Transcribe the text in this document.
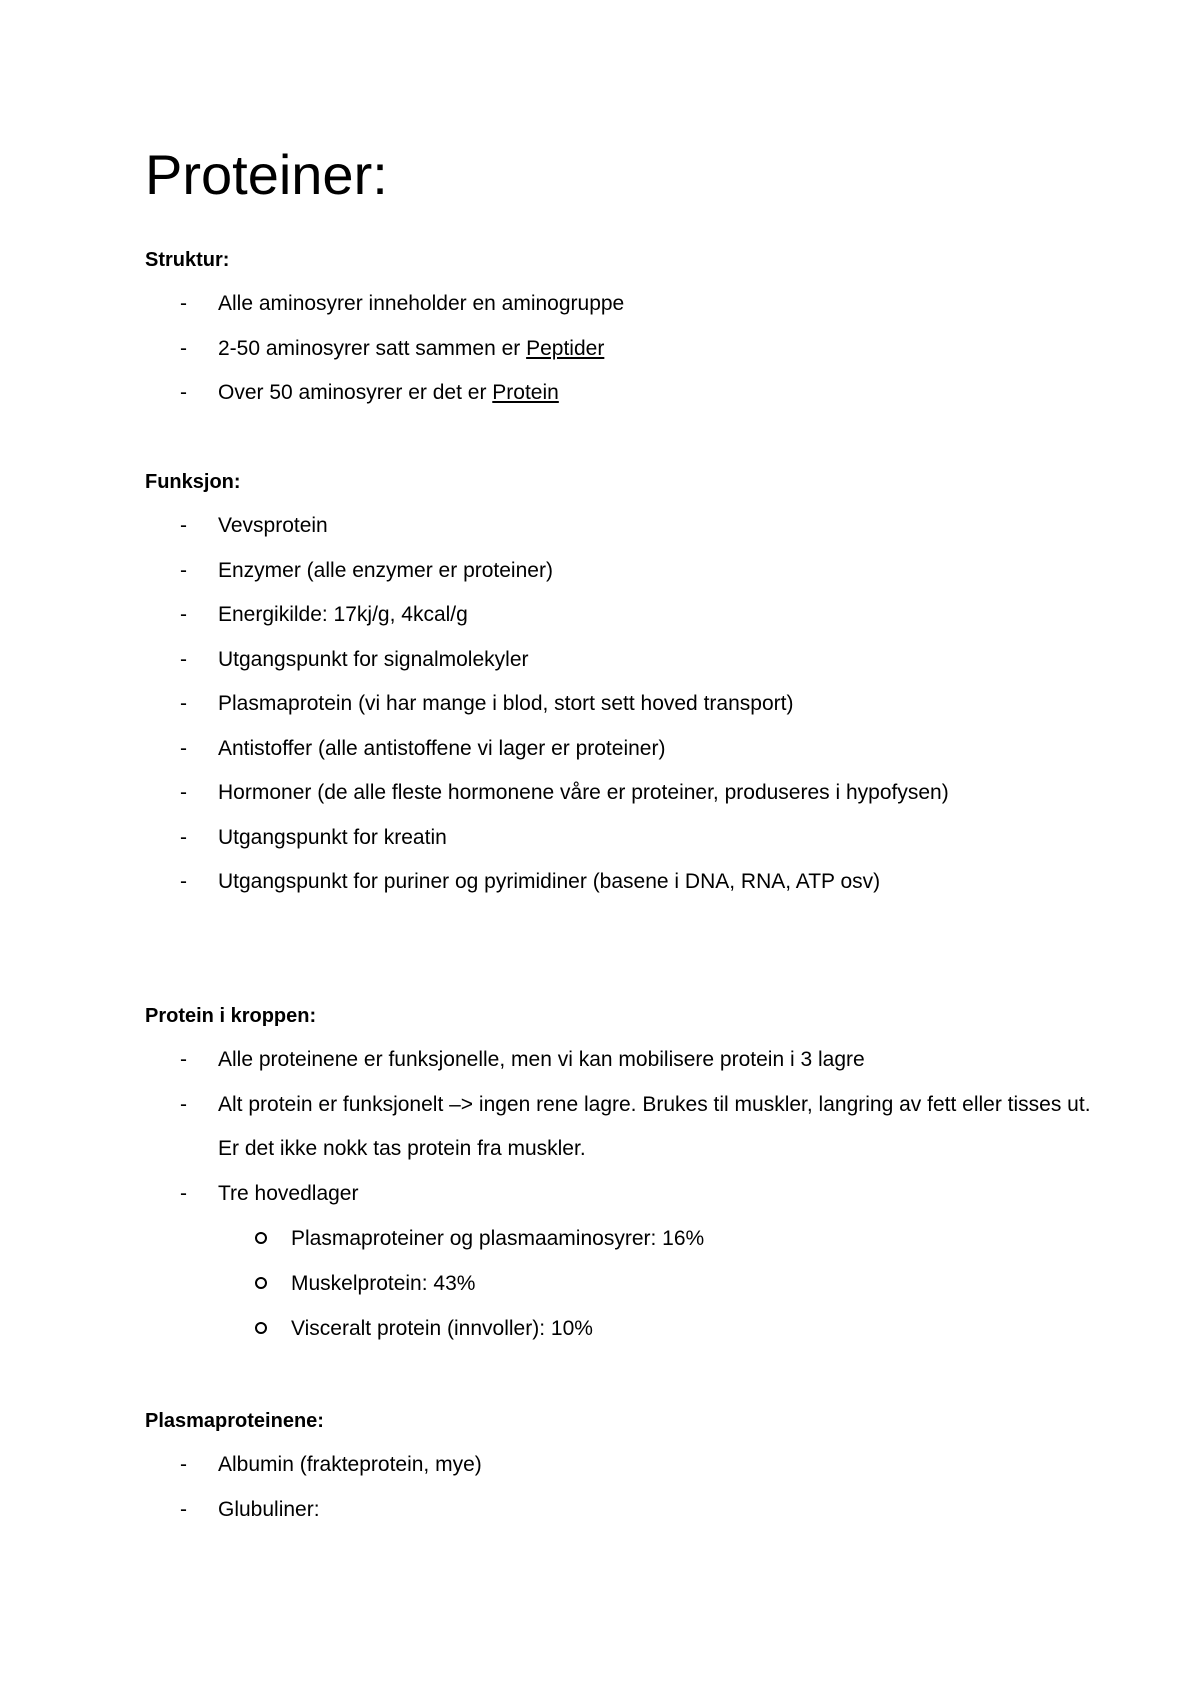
Proteiner:
Struktur:
- Alle aminosyrer inneholder en aminogruppe
- 2-50 aminosyrer satt sammen er Peptider
- Over 50 aminosyrer er det er Protein
Funksjon:
- Vevsprotein
- Enzymer (alle enzymer er proteiner)
- Energikilde: 17kj/g, 4kcal/g
- Utgangspunkt for signalmolekyler
- Plasmaprotein (vi har mange i blod, stort sett hoved transport)
- Antistoffer (alle antistoffene vi lager er proteiner)
- Hormoner (de alle fleste hormonene våre er proteiner, produseres i hypofysen)
- Utgangspunkt for kreatin
- Utgangspunkt for puriner og pyrimidiner (basene i DNA, RNA, ATP osv)
Protein i kroppen:
- Alle proteinene er funksjonelle, men vi kan mobilisere protein i 3 lagre
- Alt protein er funksjonelt –> ingen rene lagre. Brukes til muskler, langring av fett eller tisses ut. Er det ikke nokk tas protein fra muskler.
- Tre hovedlager
Plasmaproteiner og plasmaaminosyrer: 16%
Muskelprotein: 43%
Visceralt protein (innvoller): 10%
Plasmaproteinene:
- Albumin (frakteprotein, mye)
- Glubuliner:
